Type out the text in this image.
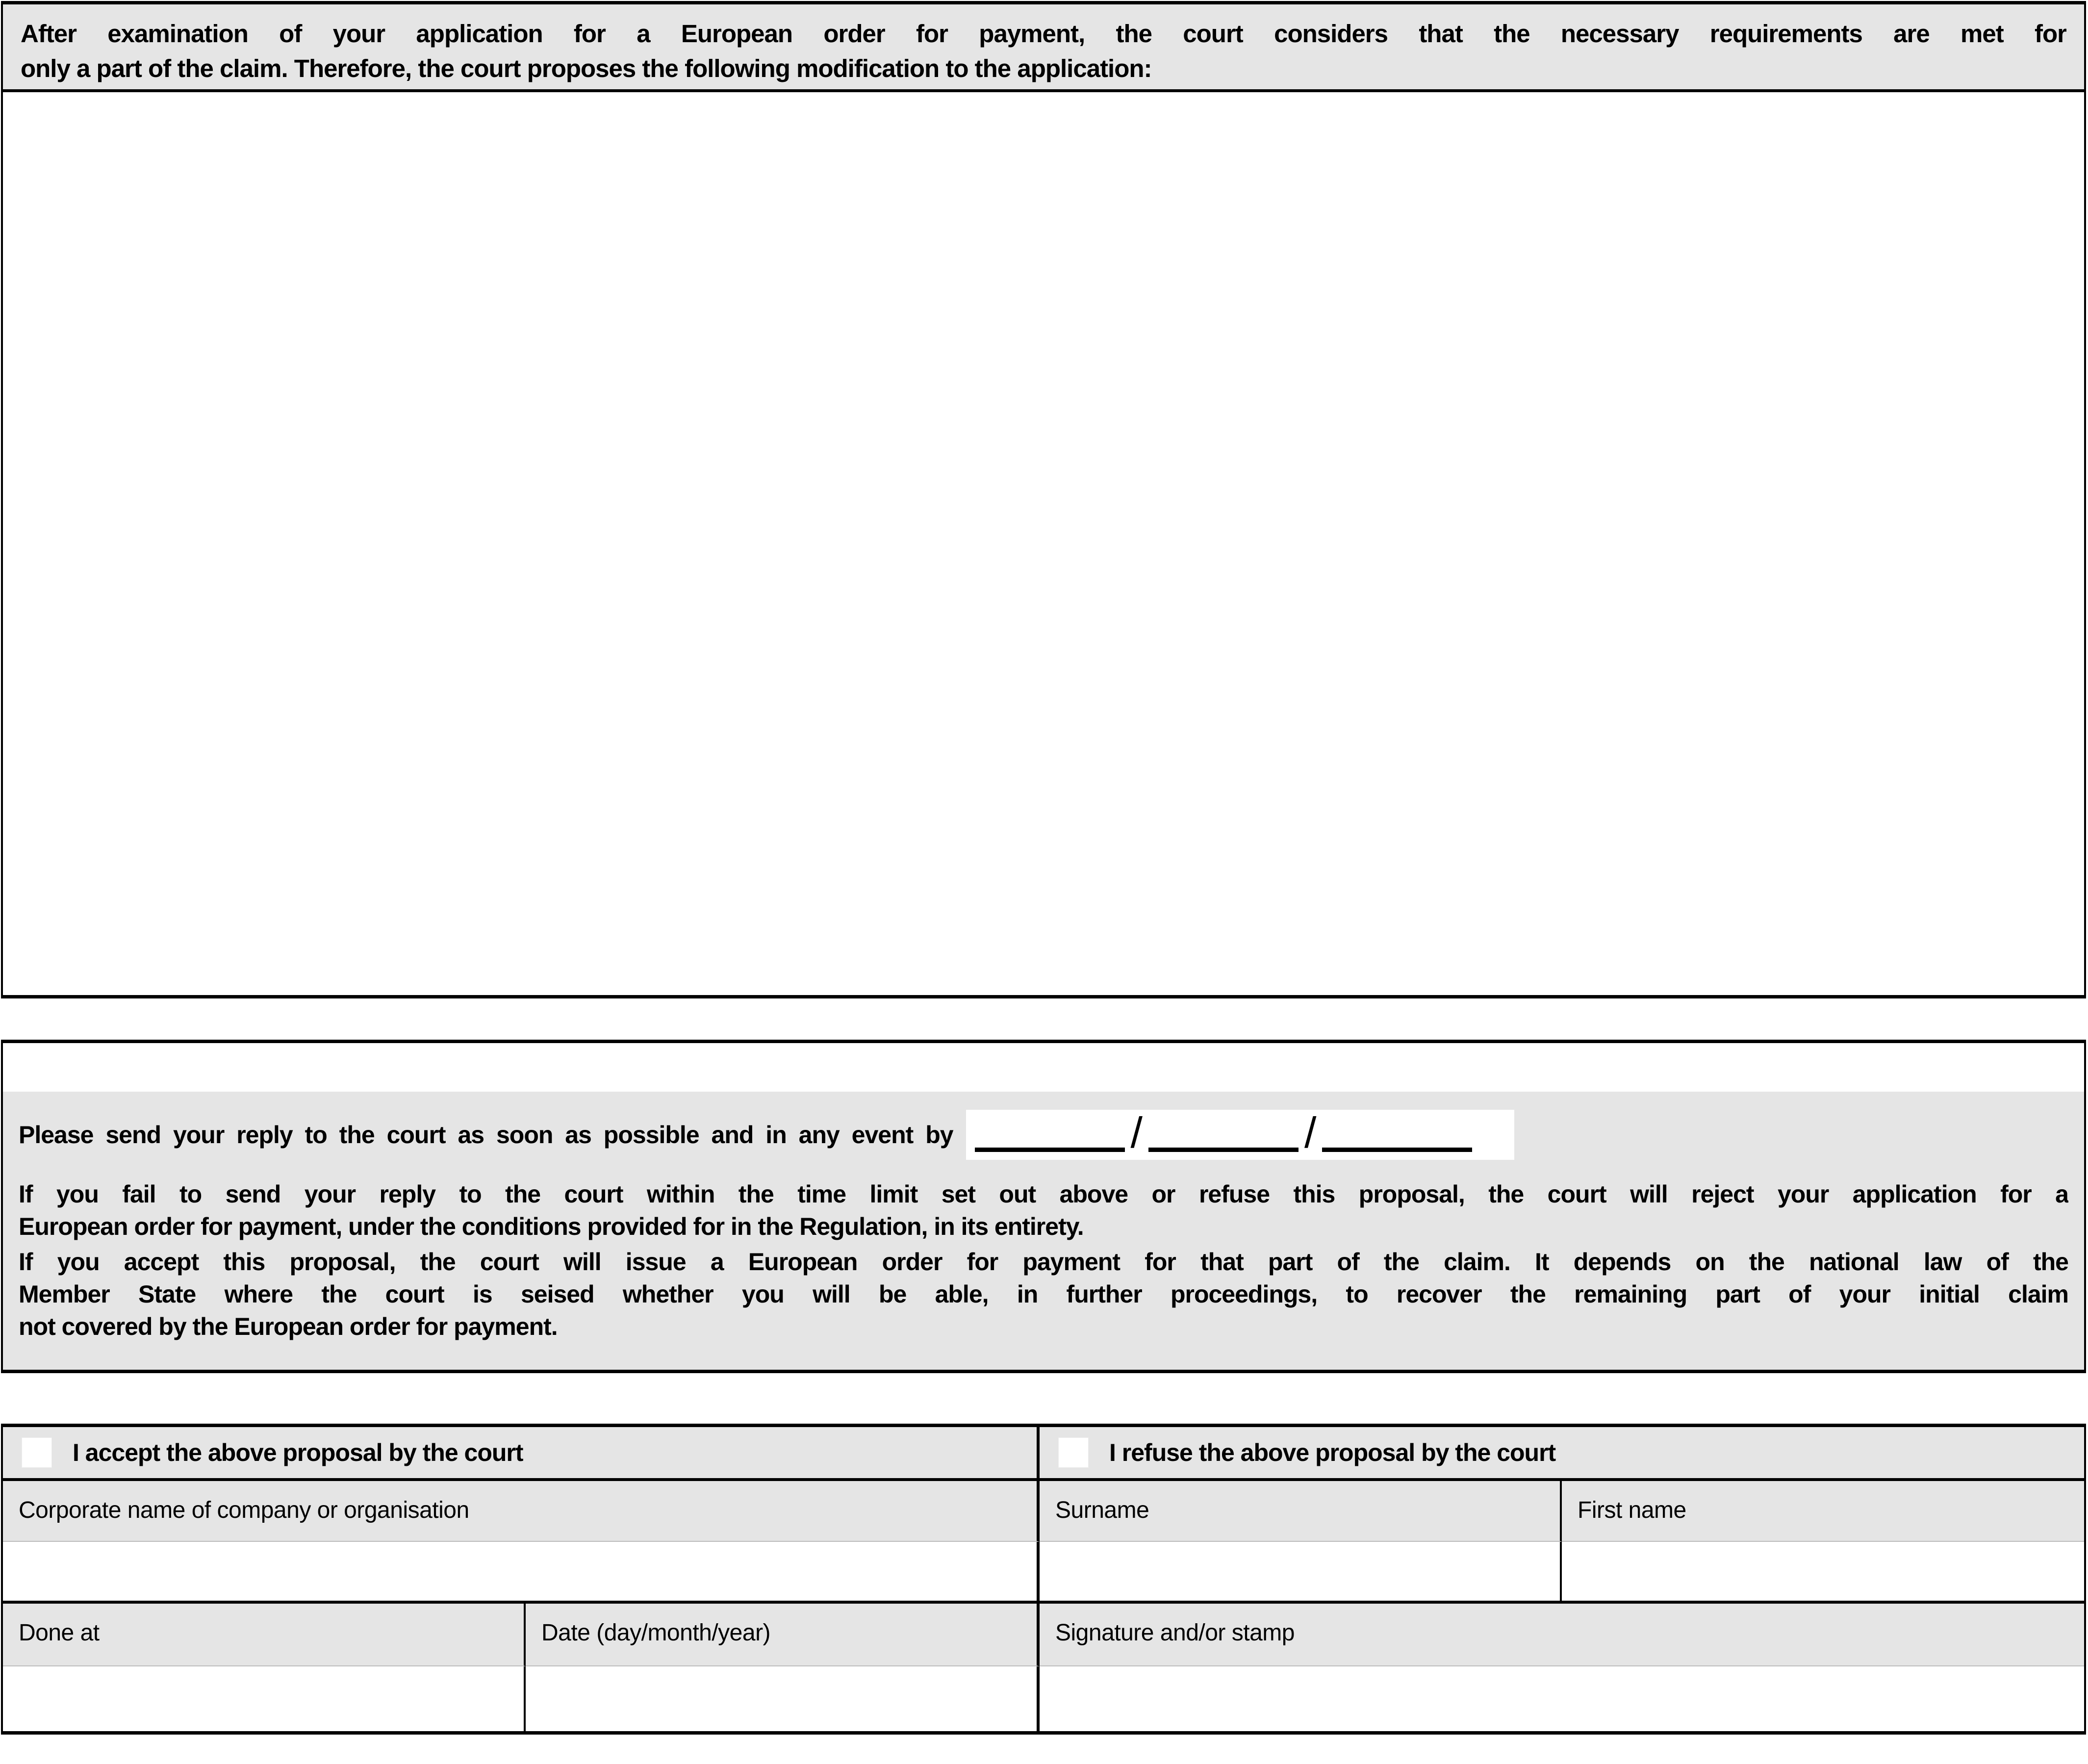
After examination of your application for a European order for payment, the court considers that the necessary requirements are met for
only a part of the claim. Therefore, the court proposes the following modification to the application:
Please send your reply to the court as soon as possible and in any event by	/	/
If you fail to send your reply to the court within the time limit set out above or refuse this proposal, the court will reject your application for a
European order for payment, under the conditions provided for in the Regulation, in its entirety.
If you accept this proposal, the court will issue a European order for payment for that part of the claim. It depends on the national law of the
Member State where the court is seised whether you will be able, in further proceedings, to recover the remaining part of your initial claim
not covered by the European order for payment.
I accept the above proposal by the court	I refuse the above proposal by the court
Corporate name of company or organisation	Surname	First name
Done at	Date (day/month/year)	Signature and/or stamp
